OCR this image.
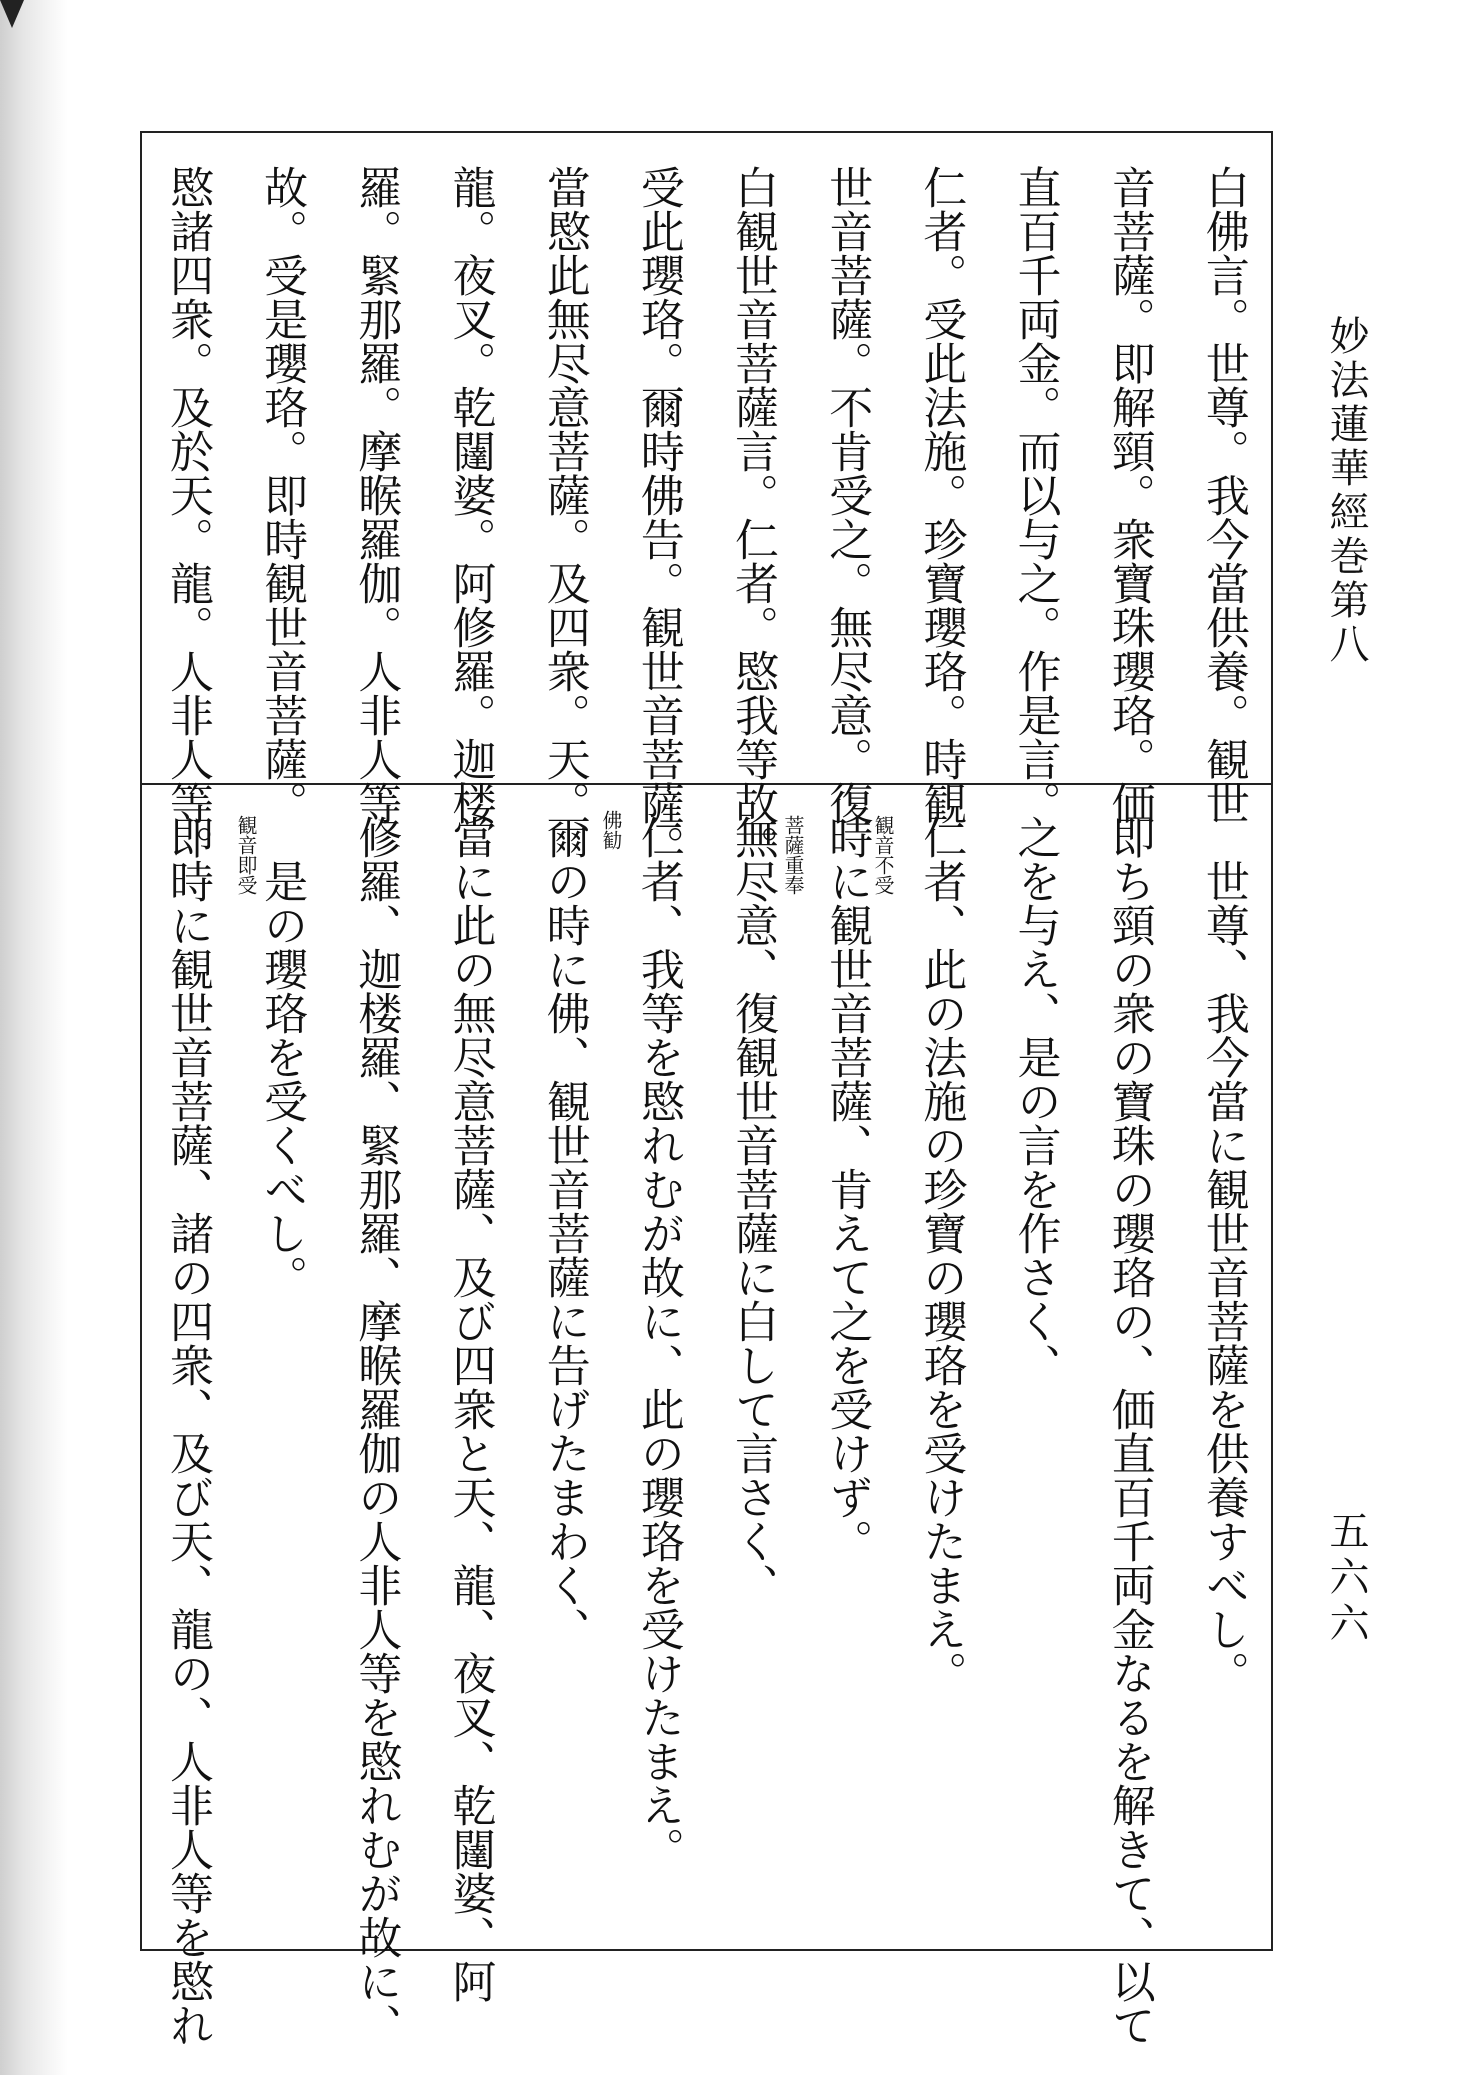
妙法蓮華經巻第八
五六六
白佛言。世尊。我今當供養。観世
音菩薩。即解頸。衆寶珠瓔珞。価
直百千両金。而以与之。作是言。
仁者。受此法施。珍寶瓔珞。時観
世音菩薩。不肯受之。無尽意。復
白観世音菩薩言。仁者。愍我等故。
受此瓔珞。爾時佛告。観世音菩薩。
當愍此無尽意菩薩。及四衆。天。
龍。夜叉。乾闥婆。阿修羅。迦楼
羅。緊那羅。摩睺羅伽。人非人等
故。受是瓔珞。即時観世音菩薩。
愍諸四衆。及於天。龍。人非人等。
世尊、我今當に観世音菩薩を供養すべし。
即ち頸の衆の寶珠の瓔珞の、価直百千両金なるを解きて、以て
之を与え、是の言を作さく、
仁者、此の法施の珍寶の瓔珞を受けたまえ。
時に観世音菩薩、肯えて之を受けず。
無尽意、復観世音菩薩に白して言さく、
仁者、我等を愍れむが故に、此の瓔珞を受けたまえ。
爾の時に佛、観世音菩薩に告げたまわく、
當に此の無尽意菩薩、及び四衆と天、龍、夜叉、乾闥婆、阿
修羅、迦楼羅、緊那羅、摩睺羅伽の人非人等を愍れむが故に、
是の瓔珞を受くべし。
即時に観世音菩薩、諸の四衆、及び天、龍の、人非人等を愍れ	観音不受
菩薩重奉
佛勧
観音即受
